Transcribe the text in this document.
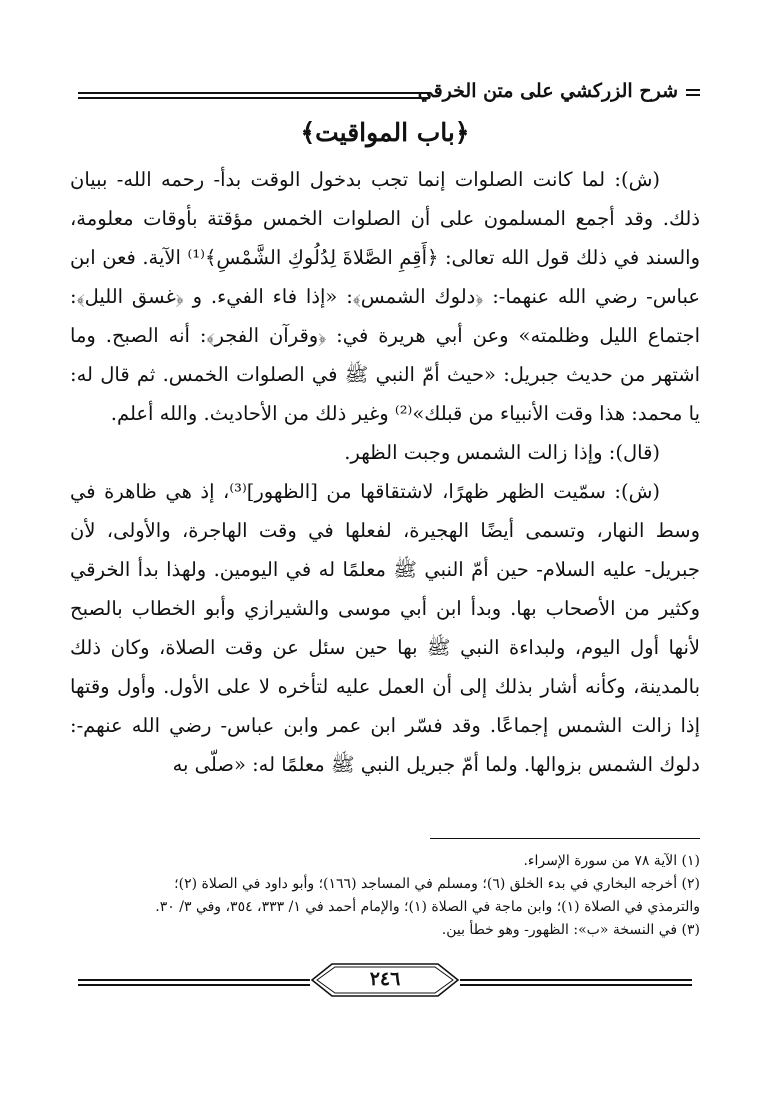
شرح الزركشي على متن الخرقي
﴿باب المواقيت﴾

(ش): لما كانت الصلوات إنما تجب بدخول الوقت بدأ- رحمه الله- ببيان ذلك. وقد أجمع المسلمون على أن الصلوات الخمس مؤقتة بأوقات معلومة، والسند في ذلك قول الله تعالى: ﴿أَقِمِ الصَّلاةَ لِدُلُوكِ الشَّمْسِ﴾⁽¹⁾ الآية. فعن ابن عباس- رضي الله عنهما-: ﴿دلوك الشمس﴾: «إذا فاء الفيء. و ﴿غسق الليل﴾: اجتماع الليل وظلمته» وعن أبي هريرة في: ﴿وقرآن الفجر﴾: أنه الصبح. وما اشتهر من حديث جبريل: «حيث أمّ النبي ﷺ في الصلوات الخمس. ثم قال له: يا محمد: هذا وقت الأنبياء من قبلك»⁽²⁾ وغير ذلك من الأحاديث. والله أعلم.

(قال): وإذا زالت الشمس وجبت الظهر.

(ش): سمّيت الظهر ظهرًا، لاشتقاقها من [الظهور]⁽³⁾، إذ هي ظاهرة في وسط النهار، وتسمى أيضًا الهجيرة، لفعلها في وقت الهاجرة، والأولى، لأن جبريل- عليه السلام- حين أمّ النبي ﷺ معلمًا له في اليومين. ولهذا بدأ الخرقي وكثير من الأصحاب بها. وبدأ ابن أبي موسى والشيرازي وأبو الخطاب بالصبح لأنها أول اليوم، ولبداءة النبي ﷺ بها حين سئل عن وقت الصلاة، وكان ذلك بالمدينة، وكأنه أشار بذلك إلى أن العمل عليه لتأخره لا على الأول. وأول وقتها إذا زالت الشمس إجماعًا. وقد فسّر ابن عمر وابن عباس- رضي الله عنهم-: دلوك الشمس بزوالها. ولما أمّ جبريل النبي ﷺ معلمًا له: «صلّى به

(١) الآية ٧٨ من سورة الإسراء.

(٢) أخرجه البخاري في بدء الخلق (٦)؛ ومسلم في المساجد (١٦٦)؛ وأبو داود في الصلاة (٢)؛

والترمذي في الصلاة (١)؛ وابن ماجة في الصلاة (١)؛ والإمام أحمد في ١/ ٣٣٣، ٣٥٤، وفي ٣/ ٣٠.

(٣) في النسخة «ب»: الظهور- وهو خطأ بين.

٢٤٦
